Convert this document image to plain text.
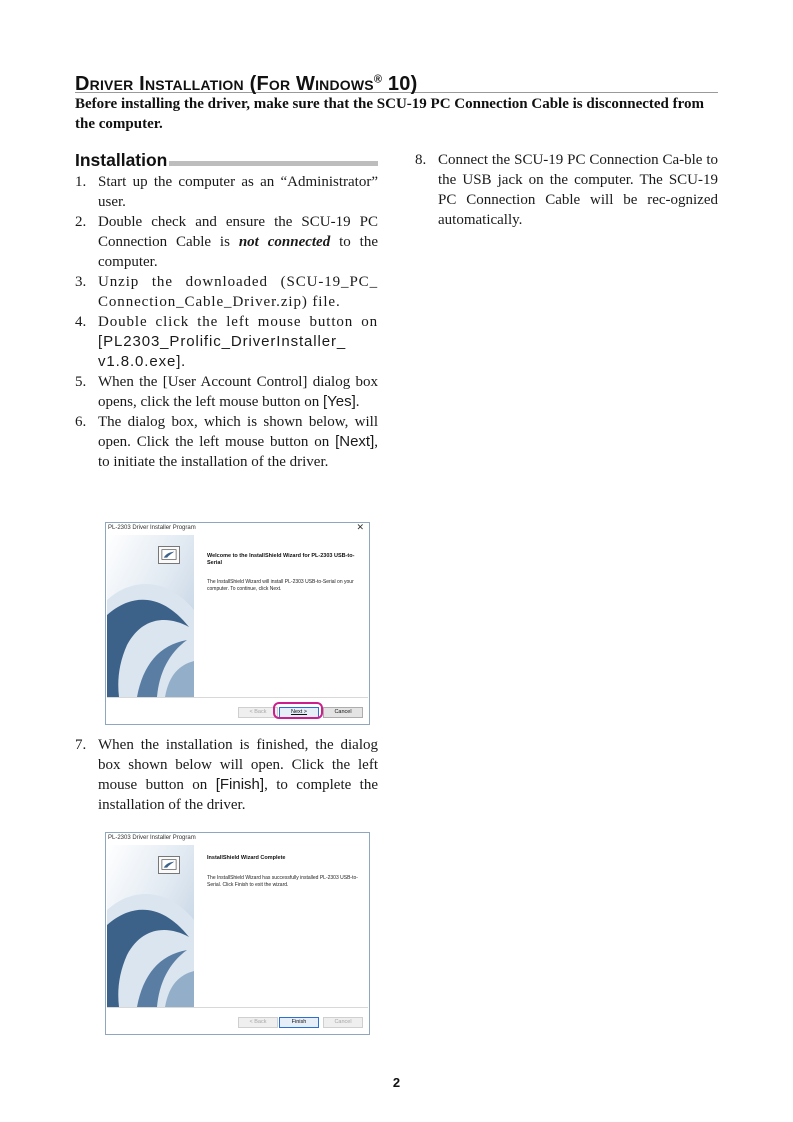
Driver Installation (For Windows® 10)
Before installing the driver, make sure that the SCU-19 PC Connection Cable is disconnected from the computer.
Installation
1. Start up the computer as an “Administrator” user.
2. Double check and ensure the SCU-19 PC Connection Cable is not connected to the computer.
3. Unzip the downloaded (SCU-19_PC_ Connection_Cable_Driver.zip) file.
4. Double click the left mouse button on [PL2303_Prolific_DriverInstaller_ v1.8.0.exe].
5. When the [User Account Control] dialog box opens, click the left mouse button on [Yes].
6. The dialog box, which is shown below, will open. Click the left mouse button on [Next], to initiate the installation of the driver.
PL-2303 Driver Installer Program	✕
Welcome to the InstallShield Wizard for PL-2303 USB-to-Serial
The InstallShield Wizard will install PL-2303 USB-to-Serial on your computer. To continue, click Next.
< Back	Next >	Cancel
7. When the installation is finished, the dialog box shown below will open. Click the left mouse button on [Finish], to complete the installation of the driver.
PL-2303 Driver Installer Program
InstallShield Wizard Complete
The InstallShield Wizard has successfully installed PL-2303 USB-to-Serial. Click Finish to exit the wizard.
< Back	Finish	Cancel
8. Connect the SCU-19 PC Connection Ca-ble to the USB jack on the computer. The SCU-19 PC Connection Cable will be rec-ognized automatically.
2
